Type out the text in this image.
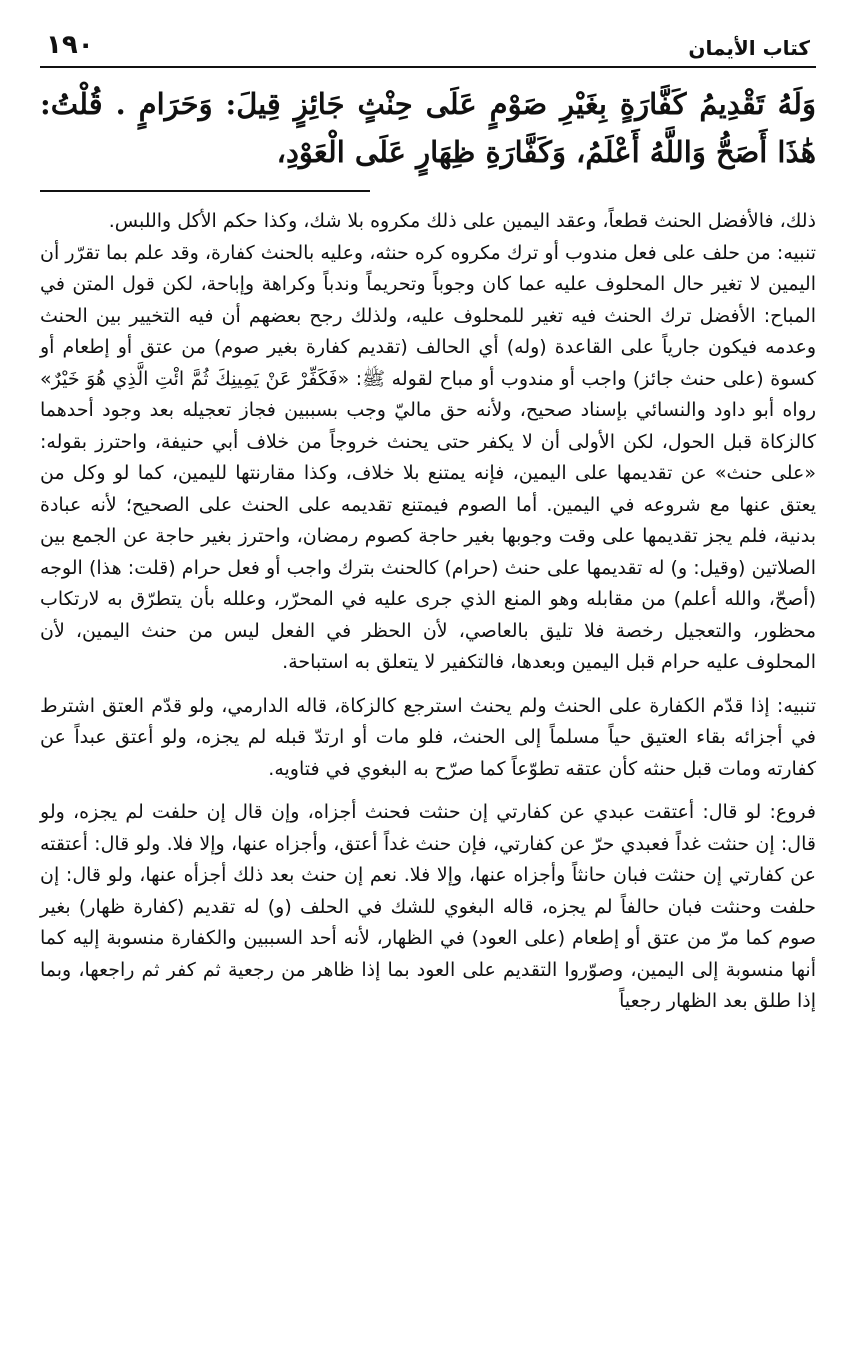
كتاب الأيمان
١٩٠
وَلَهُ تَقْدِيمُ كَفَّارَةٍ بِغَيْرِ صَوْمٍ عَلَى حِنْثٍ جَائِزٍ قِيلَ: وَحَرَامٍ . قُلْتُ: هَٰذَا أَصَحُّ وَاللَّهُ أَعْلَمُ، وَكَفَّارَةِ ظِهَارٍ عَلَى الْعَوْدِ،

ذلك، فالأفضل الحنث قطعاً، وعقد اليمين على ذلك مكروه بلا شك، وكذا حكم الأكل واللبس.

تنبيه: من حلف على فعل مندوب أو ترك مكروه كره حنثه، وعليه بالحنث كفارة، وقد علم بما تقرّر أن اليمين لا تغير حال المحلوف عليه عما كان وجوباً وتحريماً وندباً وكراهة وإباحة، لكن قول المتن في المباح: الأفضل ترك الحنث فيه تغير للمحلوف عليه، ولذلك رجح بعضهم أن فيه التخيير بين الحنث وعدمه فيكون جارياً على القاعدة (وله) أي الحالف (تقديم كفارة بغير صوم) من عتق أو إطعام أو كسوة (على حنث جائز) واجب أو مندوب أو مباح لقوله ﷺ: «فَكَفِّرْ عَنْ يَمِينِكَ ثُمَّ ائْتِ الَّذِي هُوَ خَيْرٌ» رواه أبو داود والنسائي بإسناد صحيح، ولأنه حق ماليّ وجب بسببين فجاز تعجيله بعد وجود أحدهما كالزكاة قبل الحول، لكن الأولى أن لا يكفر حتى يحنث خروجاً من خلاف أبي حنيفة، واحترز بقوله: «على حنث» عن تقديمها على اليمين، فإنه يمتنع بلا خلاف، وكذا مقارنتها لليمين، كما لو وكل من يعتق عنها مع شروعه في اليمين. أما الصوم فيمتنع تقديمه على الحنث على الصحيح؛ لأنه عبادة بدنية، فلم يجز تقديمها على وقت وجوبها بغير حاجة كصوم رمضان، واحترز بغير حاجة عن الجمع بين الصلاتين (وقيل: و) له تقديمها على حنث (حرام) كالحنث بترك واجب أو فعل حرام (قلت: هذا) الوجه (أصحّ، والله أعلم) من مقابله وهو المنع الذي جرى عليه في المحرّر، وعلله بأن يتطرّق به لارتكاب محظور، والتعجيل رخصة فلا تليق بالعاصي، لأن الحظر في الفعل ليس من حنث اليمين، لأن المحلوف عليه حرام قبل اليمين وبعدها، فالتكفير لا يتعلق به استباحة.

تنبيه: إذا قدّم الكفارة على الحنث ولم يحنث استرجع كالزكاة، قاله الدارمي، ولو قدّم العتق اشترط في أجزائه بقاء العتيق حياً مسلماً إلى الحنث، فلو مات أو ارتدّ قبله لم يجزه، ولو أعتق عبداً عن كفارته ومات قبل حنثه كأن عتقه تطوّعاً كما صرّح به البغوي في فتاويه.

فروع: لو قال: أعتقت عبدي عن كفارتي إن حنثت فحنث أجزاه، وإن قال إن حلفت لم يجزه، ولو قال: إن حنثت غداً فعبدي حرّ عن كفارتي، فإن حنث غداً أعتق، وأجزاه عنها، وإلا فلا. ولو قال: أعتقته عن كفارتي إن حنثت فبان حانثاً وأجزاه عنها، وإلا فلا. نعم إن حنث بعد ذلك أجزأه عنها، ولو قال: إن حلفت وحنثت فبان حالفاً لم يجزه، قاله البغوي للشك في الحلف (و) له تقديم (كفارة ظهار) بغير صوم كما مرّ من عتق أو إطعام (على العود) في الظهار، لأنه أحد السببين والكفارة منسوبة إليه كما أنها منسوبة إلى اليمين، وصوّروا التقديم على العود بما إذا ظاهر من رجعية ثم كفر ثم راجعها، وبما إذا طلق بعد الظهار رجعياً
